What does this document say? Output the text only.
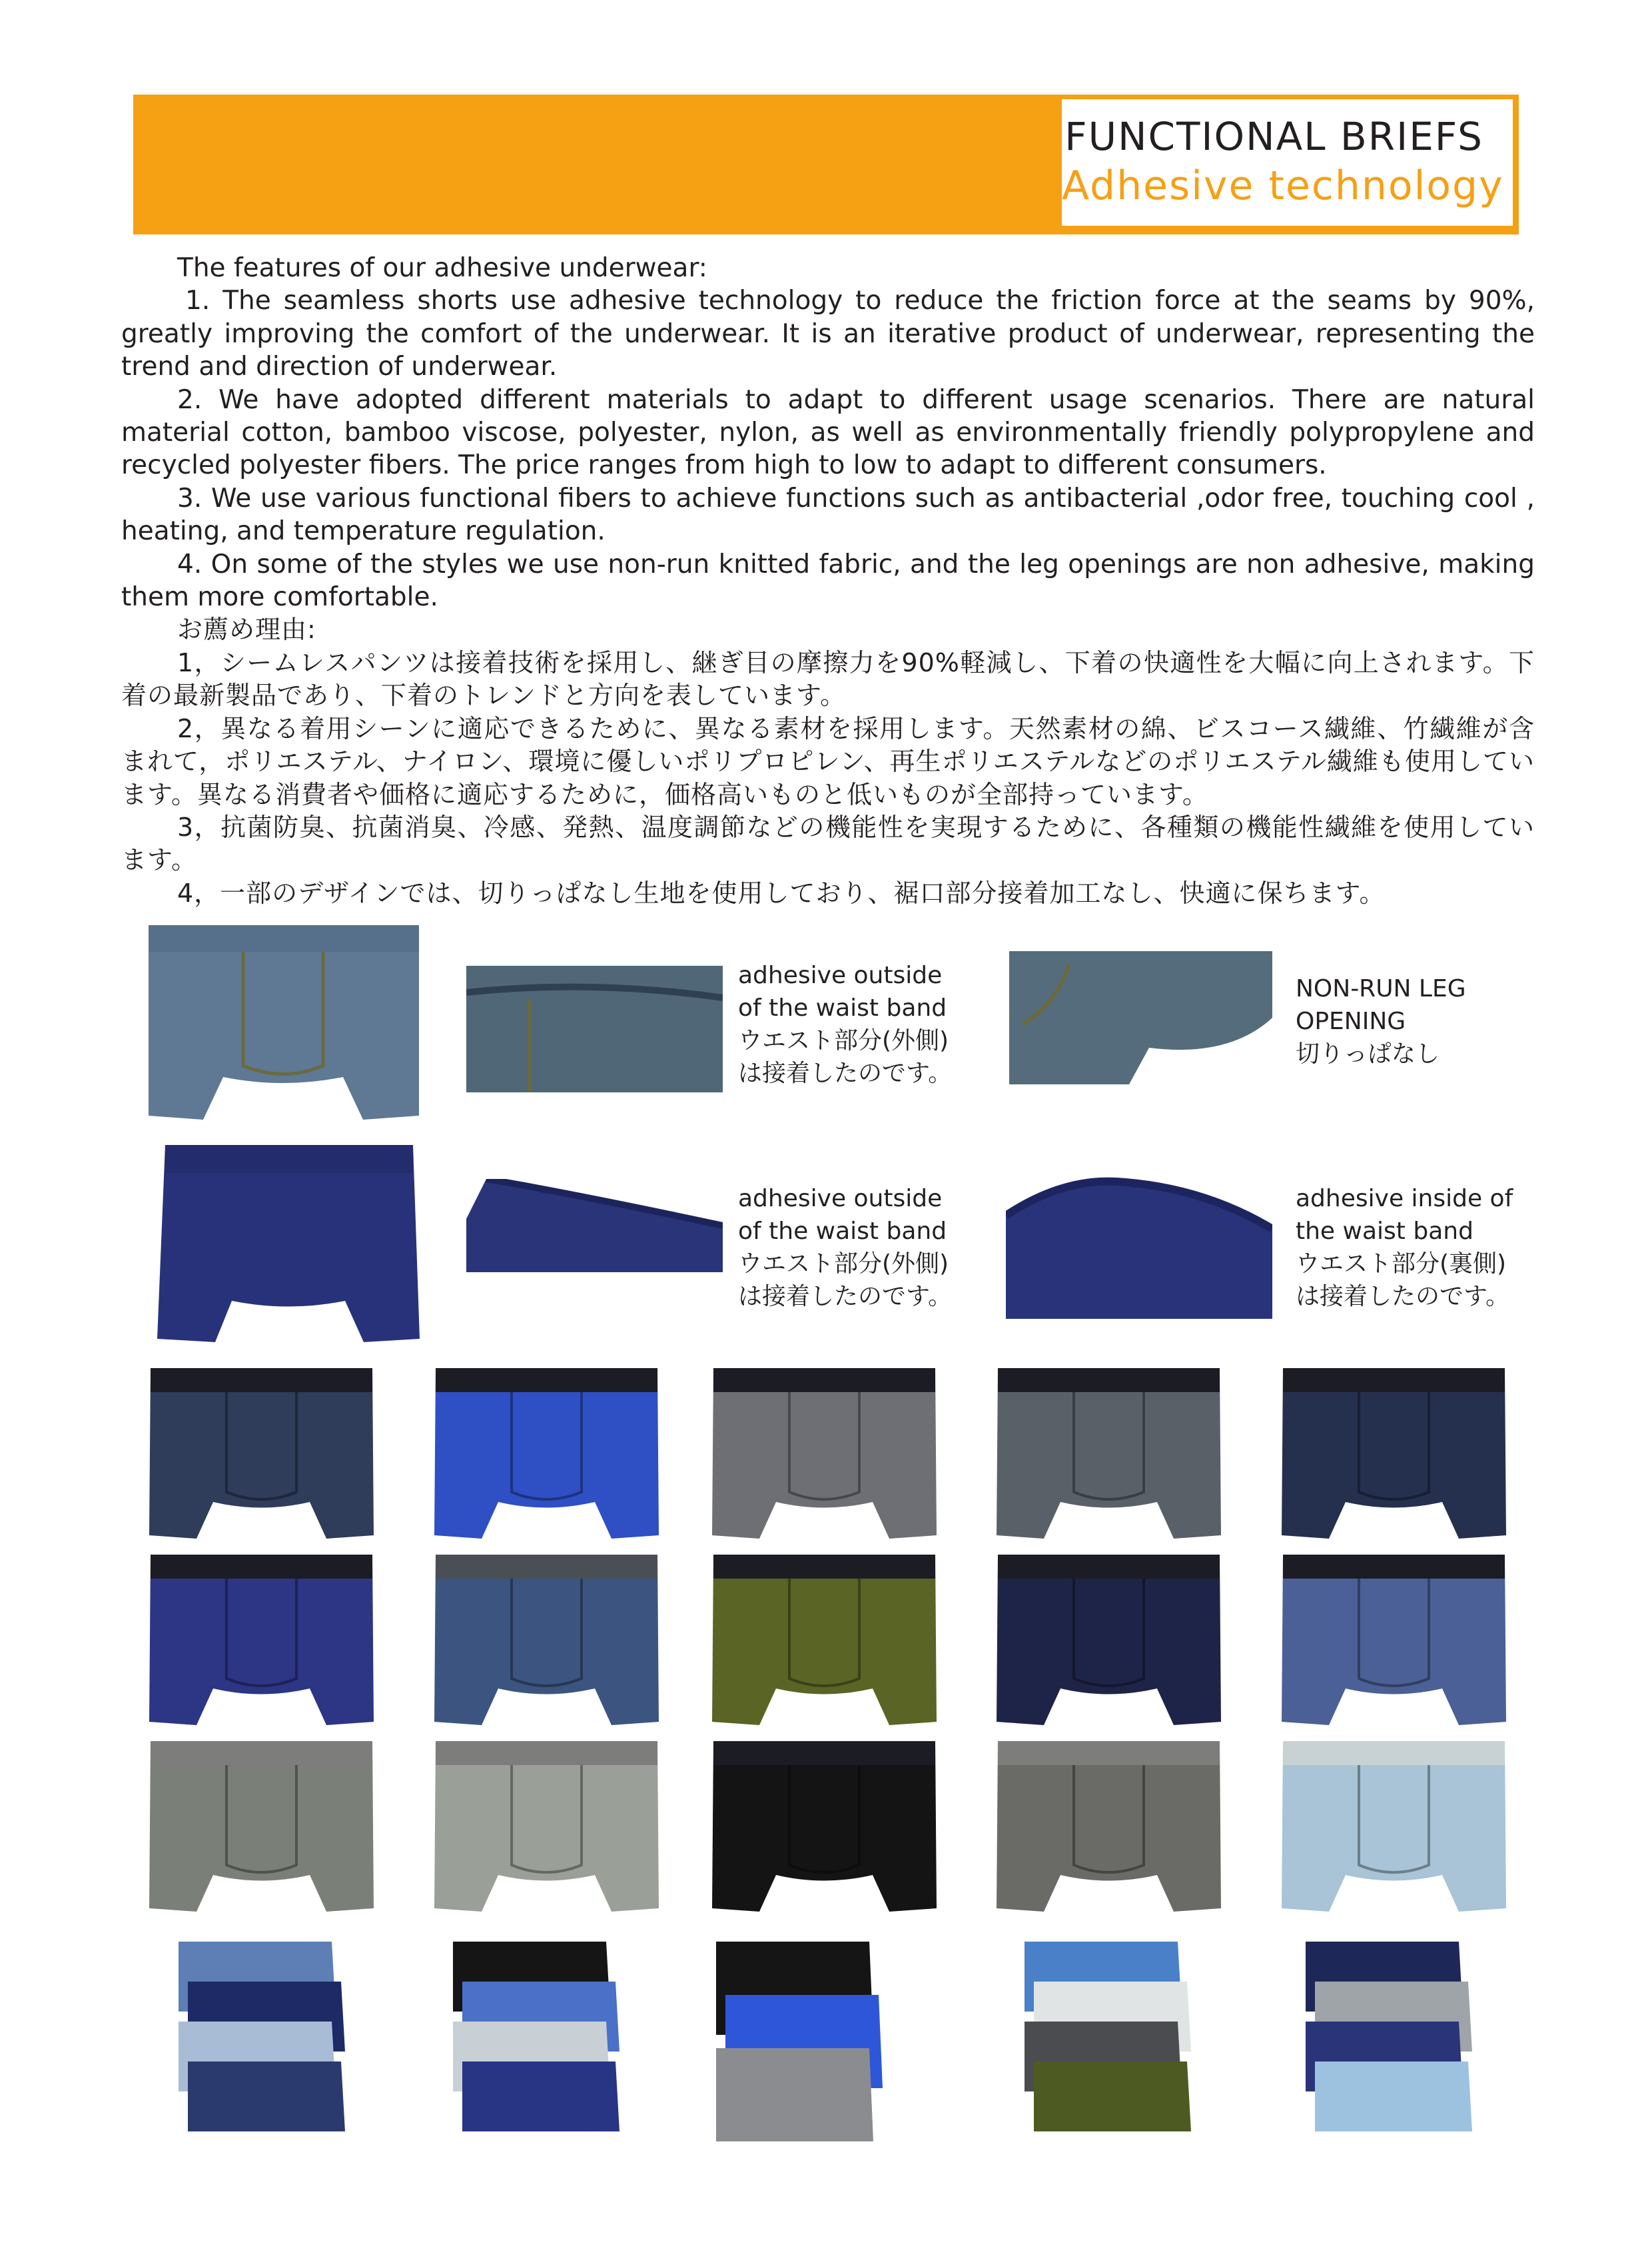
FUNCTIONAL BRIEFS
Adhesive technology

The features of our adhesive underwear:

1. The seamless shorts use adhesive technology to reduce the friction force at the seams by 90%, greatly improving the comfort of the underwear. It is an iterative product of underwear, representing the trend and direction of underwear.

2. We have adopted different materials to adapt to different usage scenarios. There are natural material cotton, bamboo viscose, polyester, nylon, as well as environmentally friendly polypropylene and recycled polyester fibers. The price ranges from high to low to adapt to different consumers.

3. We use various functional fibers to achieve functions such as antibacterial ,odor free, touching cool , heating, and temperature regulation.

4. On some of the styles we use non-run knitted fabric, and the leg openings are non adhesive, making them more comfortable.

お薦め理由:

1，シームレスパンツは接着技術を採用し、継ぎ目の摩擦力を90%軽減し、下着の快適性を大幅に向上されます。下着の最新製品であり、下着のトレンドと方向を表しています。

2，異なる着用シーンに適応できるために、異なる素材を採用します。天然素材の綿、ビスコース繊維、竹繊維が含まれて，ポリエステル、ナイロン、環境に優しいポリプロピレン、再生ポリエステルなどのポリエステル繊維も使用しています。異なる消費者や価格に適応するために，価格高いものと低いものが全部持っています。

3，抗菌防臭、抗菌消臭、冷感、発熱、温度調節などの機能性を実現するために、各種類の機能性繊維を使用しています。

4，一部のデザインでは、切りっぱなし生地を使用しており、裾口部分接着加工なし、快適に保ちます。

adhesive outside
of the waist band
ウエスト部分(外側)
は接着したのです。
NON-RUN LEG
OPENING
切りっぱなし
adhesive outside
of the waist band
ウエスト部分(外側)
は接着したのです。
adhesive inside of
the waist band
ウエスト部分(裏側)
は接着したのです。
